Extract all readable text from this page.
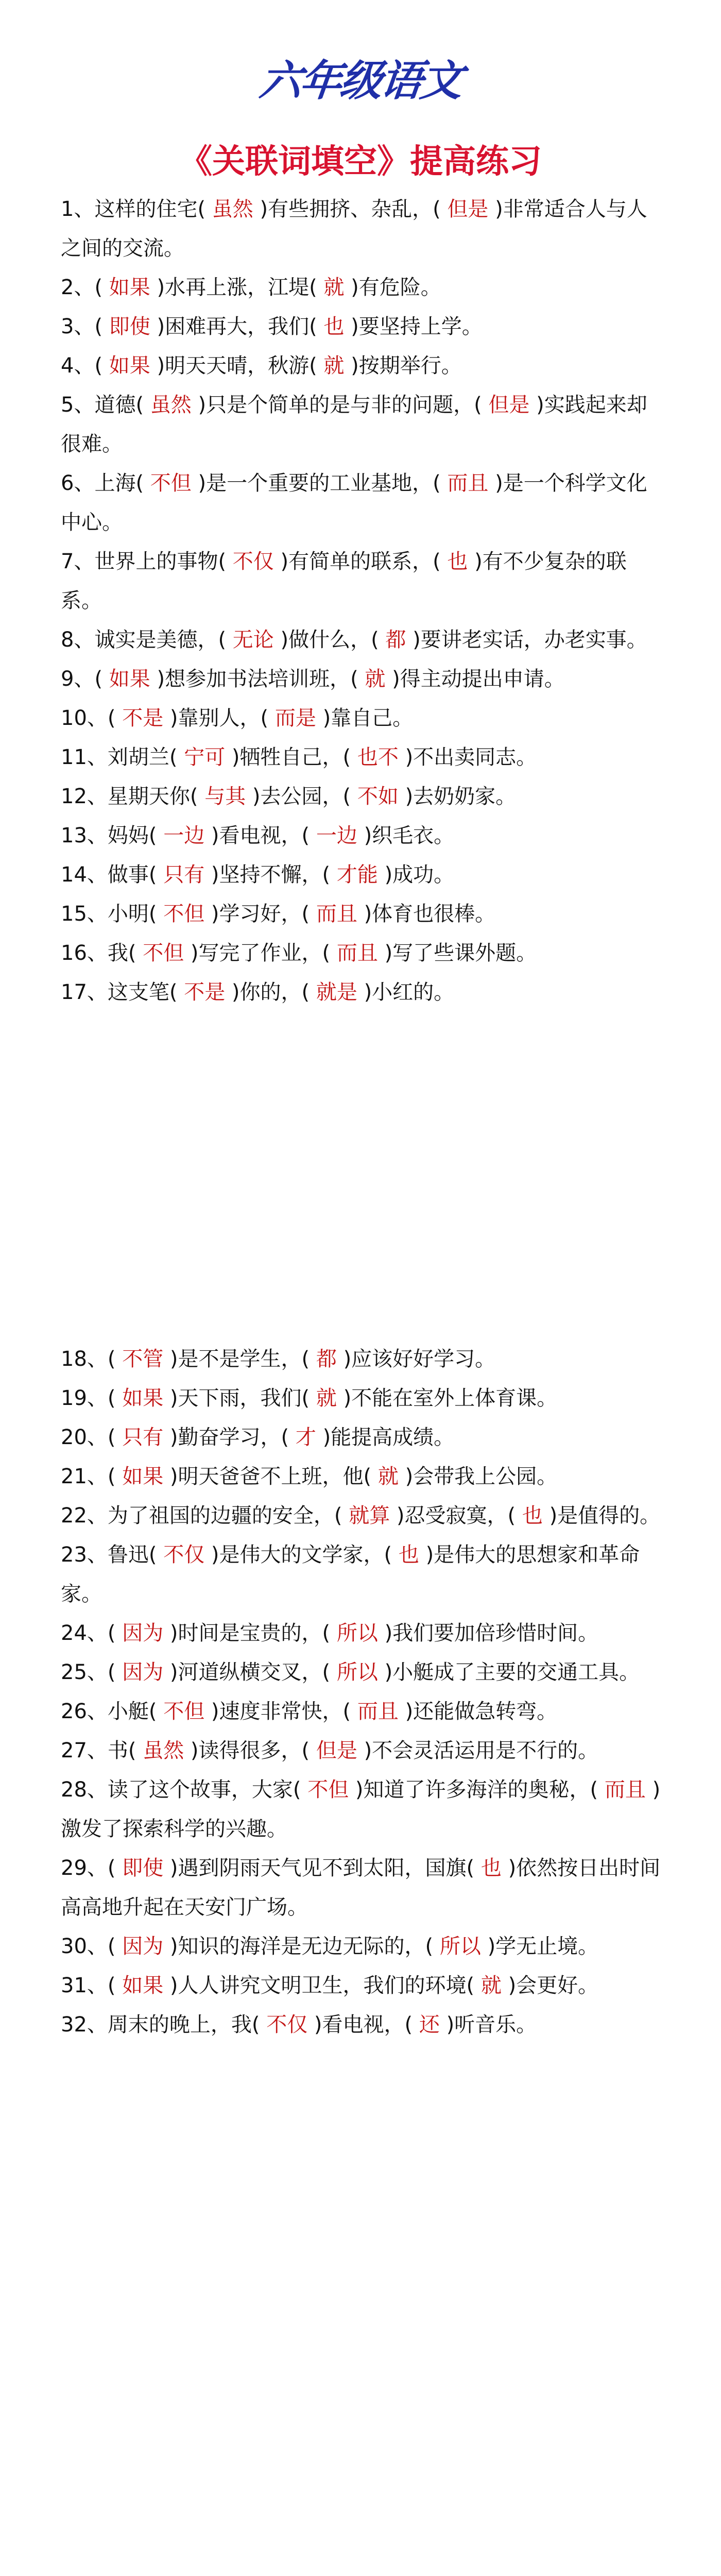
六年级语文
《关联词填空》提高练习
1、这样的住宅( 虽然 )有些拥挤、杂乱，( 但是 )非常适合人与人之间的交流。
2、( 如果 )水再上涨，江堤( 就 )有危险。
3、( 即使 )困难再大，我们( 也 )要坚持上学。
4、( 如果 )明天天晴，秋游( 就 )按期举行。
5、道德( 虽然 )只是个简单的是与非的问题，( 但是 )实践起来却很难。
6、上海( 不但 )是一个重要的工业基地，( 而且 )是一个科学文化中心。
7、世界上的事物( 不仅 )有简单的联系，( 也 )有不少复杂的联系。
8、诚实是美德，( 无论 )做什么，( 都 )要讲老实话，办老实事。
9、( 如果 )想参加书法培训班，( 就 )得主动提出申请。
10、( 不是 )靠别人，( 而是 )靠自己。
11、刘胡兰( 宁可 )牺牲自己，( 也不 )不出卖同志。
12、星期天你( 与其 )去公园，( 不如 )去奶奶家。
13、妈妈( 一边 )看电视，( 一边 )织毛衣。
14、做事( 只有 )坚持不懈，( 才能 )成功。
15、小明( 不但 )学习好，( 而且 )体育也很棒。
16、我( 不但 )写完了作业，( 而且 )写了些课外题。
17、这支笔( 不是 )你的，( 就是 )小红的。
18、( 不管 )是不是学生，( 都 )应该好好学习。
19、( 如果 )天下雨，我们( 就 )不能在室外上体育课。
20、( 只有 )勤奋学习，( 才 )能提高成绩。
21、( 如果 )明天爸爸不上班，他( 就 )会带我上公园。
22、为了祖国的边疆的安全，( 就算 )忍受寂寞，( 也 )是值得的。
23、鲁迅( 不仅 )是伟大的文学家，( 也 )是伟大的思想家和革命家。
24、( 因为 )时间是宝贵的，( 所以 )我们要加倍珍惜时间。
25、( 因为 )河道纵横交叉，( 所以 )小艇成了主要的交通工具。
26、小艇( 不但 )速度非常快，( 而且 )还能做急转弯。
27、书( 虽然 )读得很多，( 但是 )不会灵活运用是不行的。
28、读了这个故事，大家( 不但 )知道了许多海洋的奥秘，( 而且 )激发了探索科学的兴趣。
29、( 即使 )遇到阴雨天气见不到太阳，国旗( 也 )依然按日出时间高高地升起在天安门广场。
30、( 因为 )知识的海洋是无边无际的，( 所以 )学无止境。
31、( 如果 )人人讲究文明卫生，我们的环境( 就 )会更好。
32、周末的晚上，我( 不仅 )看电视，( 还 )听音乐。
